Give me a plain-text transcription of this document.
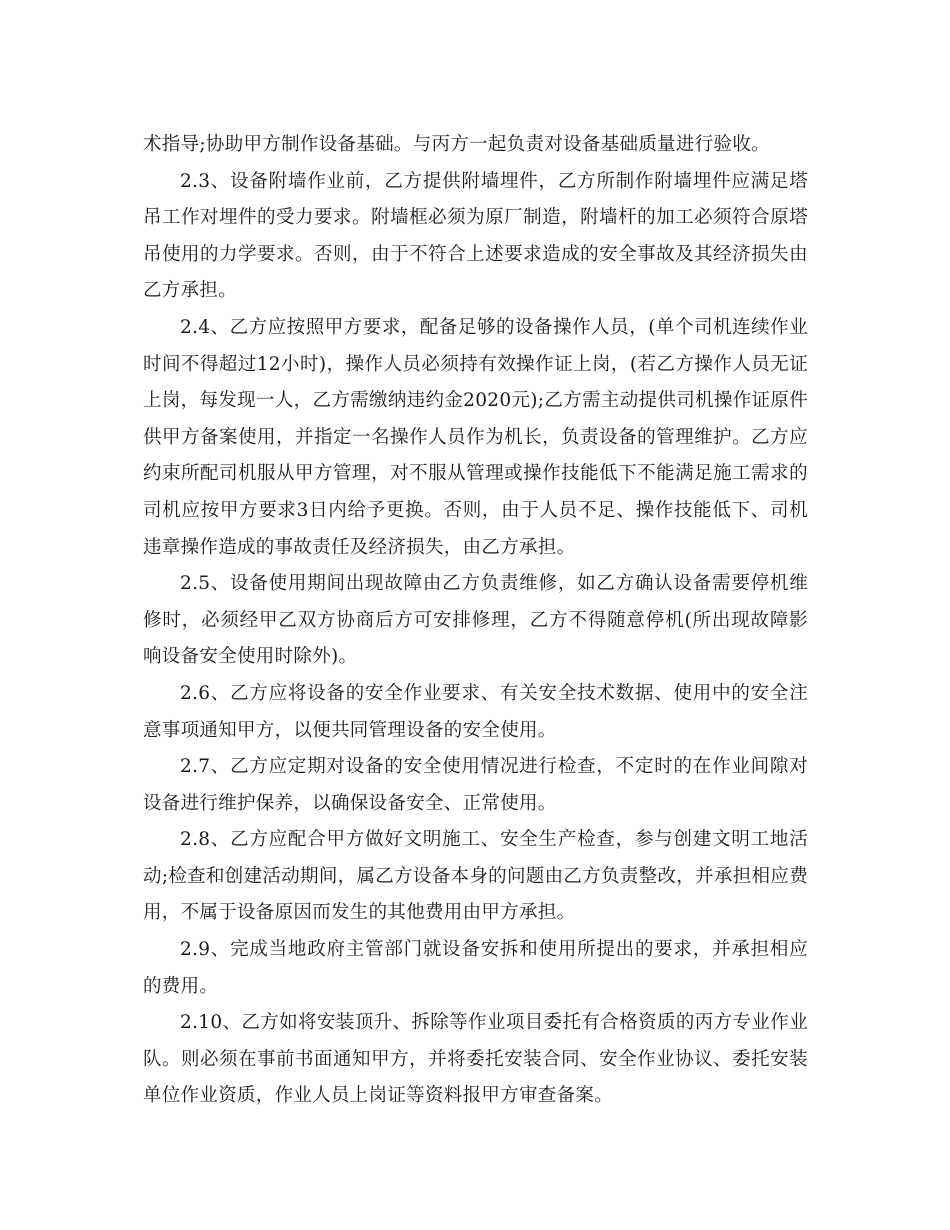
术指导;协助甲方制作设备基础。与丙方一起负责对设备基础质量进行验收。

2.3、设备附墙作业前，乙方提供附墙埋件，乙方所制作附墙埋件应满足塔吊工作对埋件的受力要求。附墙框必须为原厂制造，附墙杆的加工必须符合原塔吊使用的力学要求。否则，由于不符合上述要求造成的安全事故及其经济损失由乙方承担。

2.4、乙方应按照甲方要求，配备足够的设备操作人员，(单个司机连续作业时间不得超过12小时)，操作人员必须持有效操作证上岗，(若乙方操作人员无证上岗，每发现一人，乙方需缴纳违约金2020元);乙方需主动提供司机操作证原件供甲方备案使用，并指定一名操作人员作为机长，负责设备的管理维护。乙方应约束所配司机服从甲方管理，对不服从管理或操作技能低下不能满足施工需求的司机应按甲方要求3日内给予更换。否则，由于人员不足、操作技能低下、司机违章操作造成的事故责任及经济损失，由乙方承担。

2.5、设备使用期间出现故障由乙方负责维修，如乙方确认设备需要停机维修时，必须经甲乙双方协商后方可安排修理，乙方不得随意停机(所出现故障影响设备安全使用时除外)。

2.6、乙方应将设备的安全作业要求、有关安全技术数据、使用中的安全注意事项通知甲方，以便共同管理设备的安全使用。

2.7、乙方应定期对设备的安全使用情况进行检查，不定时的在作业间隙对设备进行维护保养，以确保设备安全、正常使用。

2.8、乙方应配合甲方做好文明施工、安全生产检查，参与创建文明工地活动;检查和创建活动期间，属乙方设备本身的问题由乙方负责整改，并承担相应费用，不属于设备原因而发生的其他费用由甲方承担。

2.9、完成当地政府主管部门就设备安拆和使用所提出的要求，并承担相应的费用。

2.10、乙方如将安装顶升、拆除等作业项目委托有合格资质的丙方专业作业队。则必须在事前书面通知甲方，并将委托安装合同、安全作业协议、委托安装单位作业资质，作业人员上岗证等资料报甲方审查备案。
